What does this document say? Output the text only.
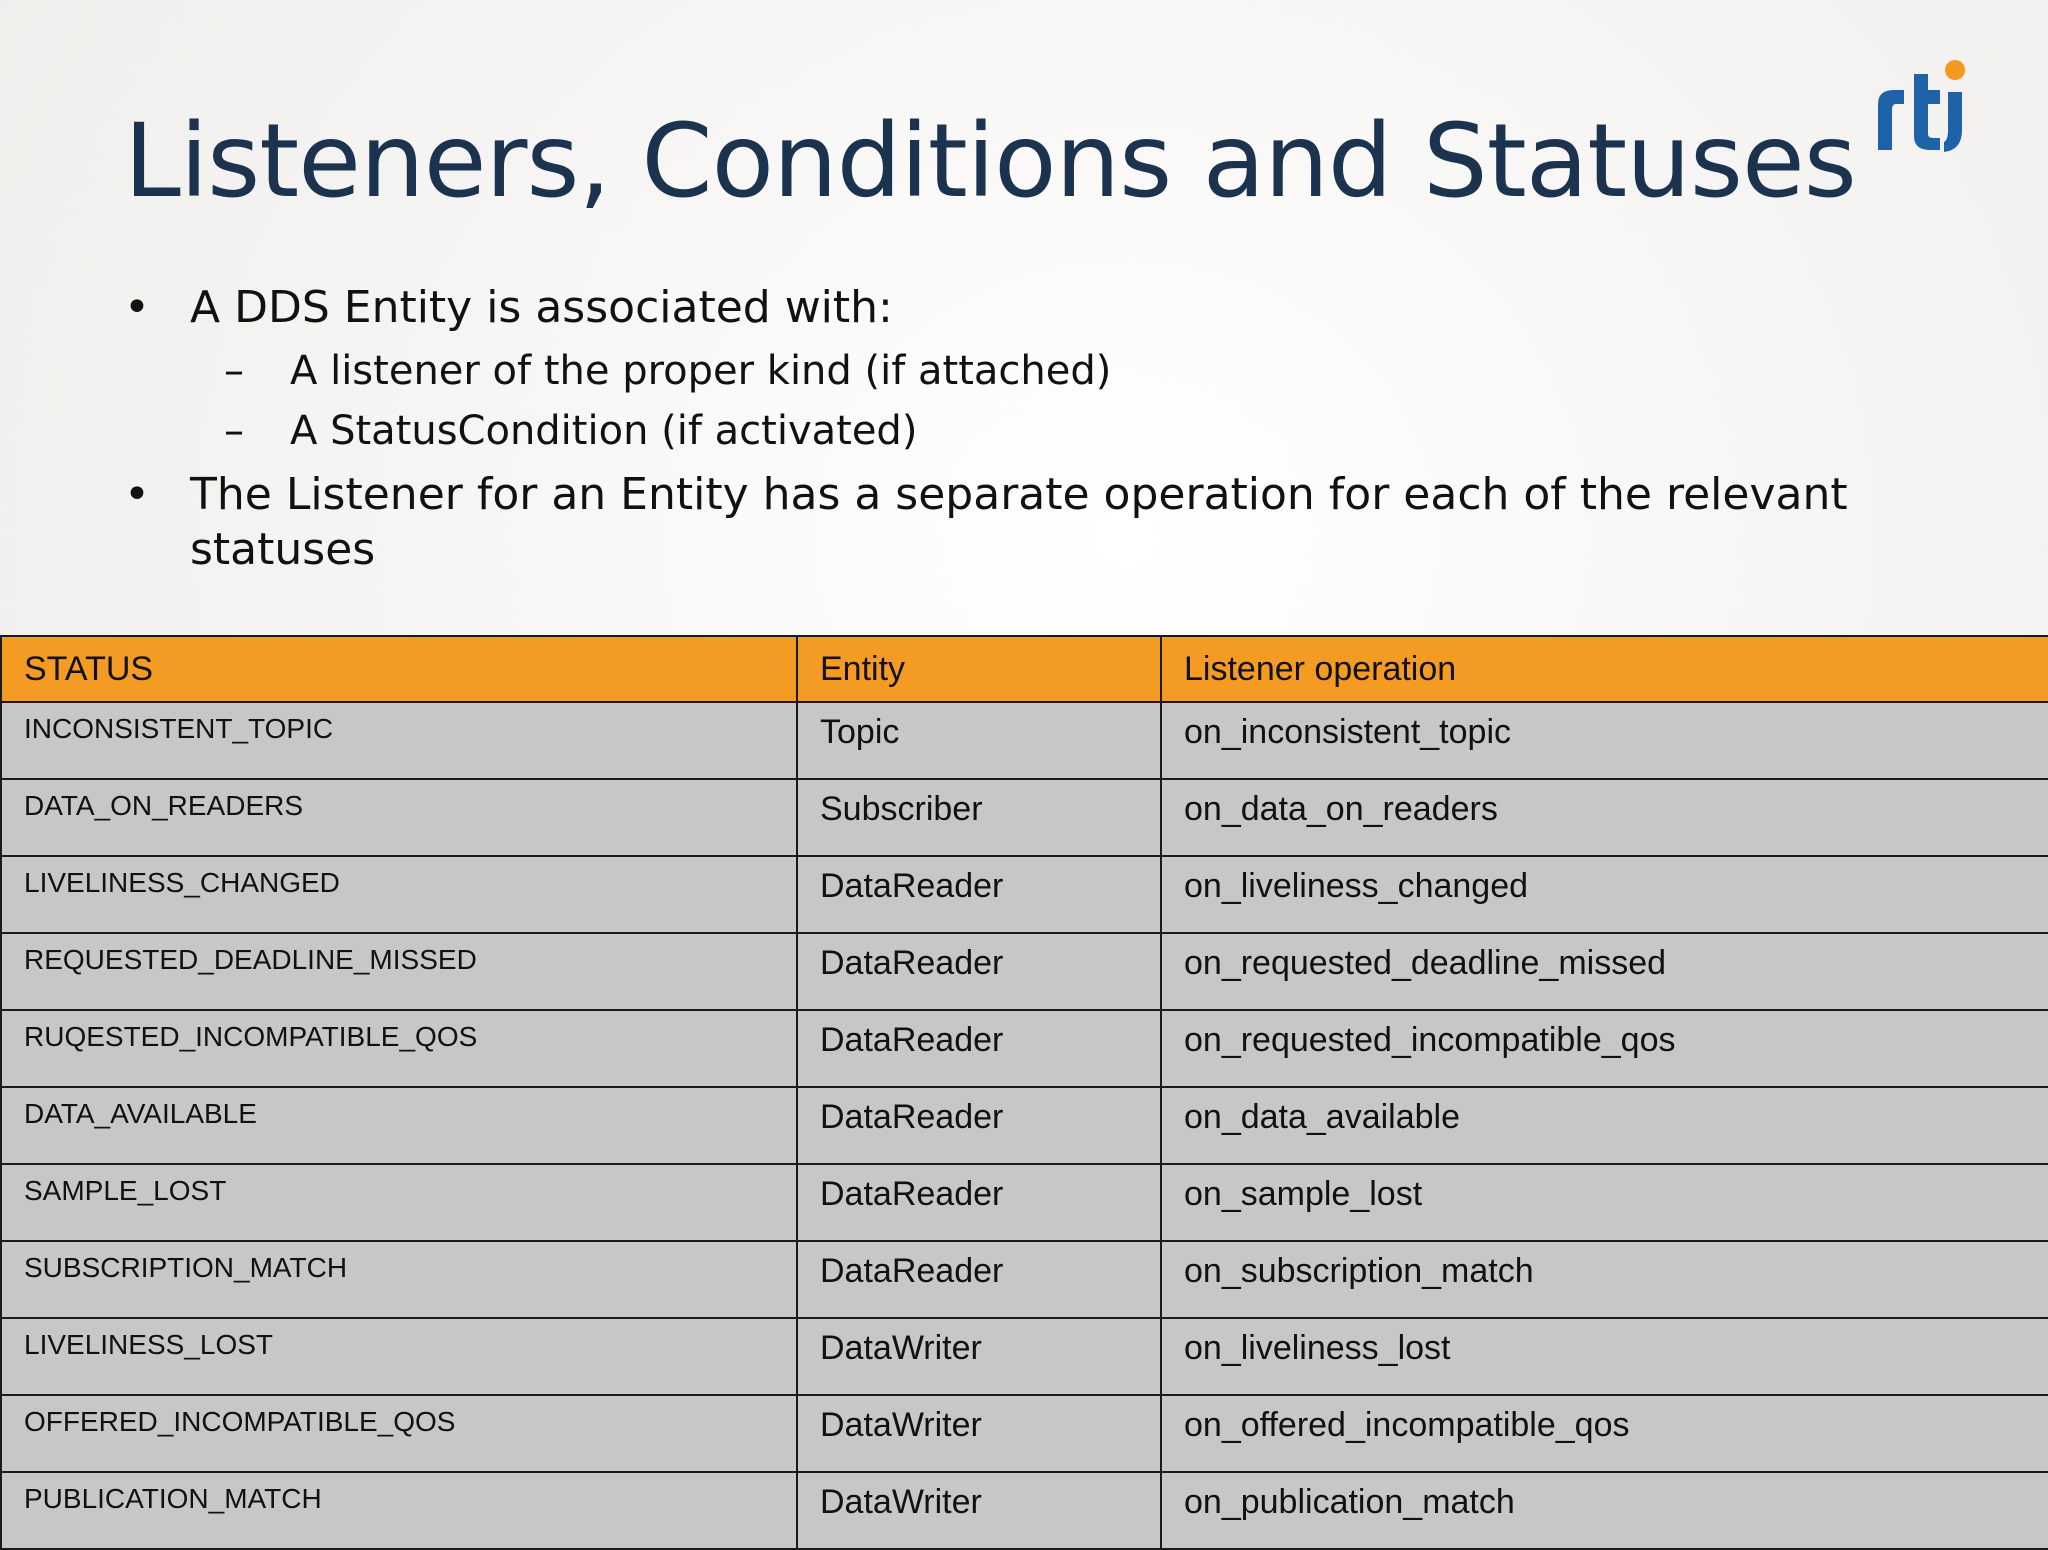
Listeners, Conditions and Statuses
• A DDS Entity is associated with:
– A listener of the proper kind (if attached)
– A StatusCondition (if activated)
• The Listener for an Entity has a separate operation for each of the relevant statuses
STATUS	Entity	Listener operation
INCONSISTENT_TOPIC	Topic	on_inconsistent_topic
DATA_ON_READERS	Subscriber	on_data_on_readers
LIVELINESS_CHANGED	DataReader	on_liveliness_changed
REQUESTED_DEADLINE_MISSED	DataReader	on_requested_deadline_missed
RUQESTED_INCOMPATIBLE_QOS	DataReader	on_requested_incompatible_qos
DATA_AVAILABLE	DataReader	on_data_available
SAMPLE_LOST	DataReader	on_sample_lost
SUBSCRIPTION_MATCH	DataReader	on_subscription_match
LIVELINESS_LOST	DataWriter	on_liveliness_lost
OFFERED_INCOMPATIBLE_QOS	DataWriter	on_offered_incompatible_qos
PUBLICATION_MATCH	DataWriter	on_publication_match
